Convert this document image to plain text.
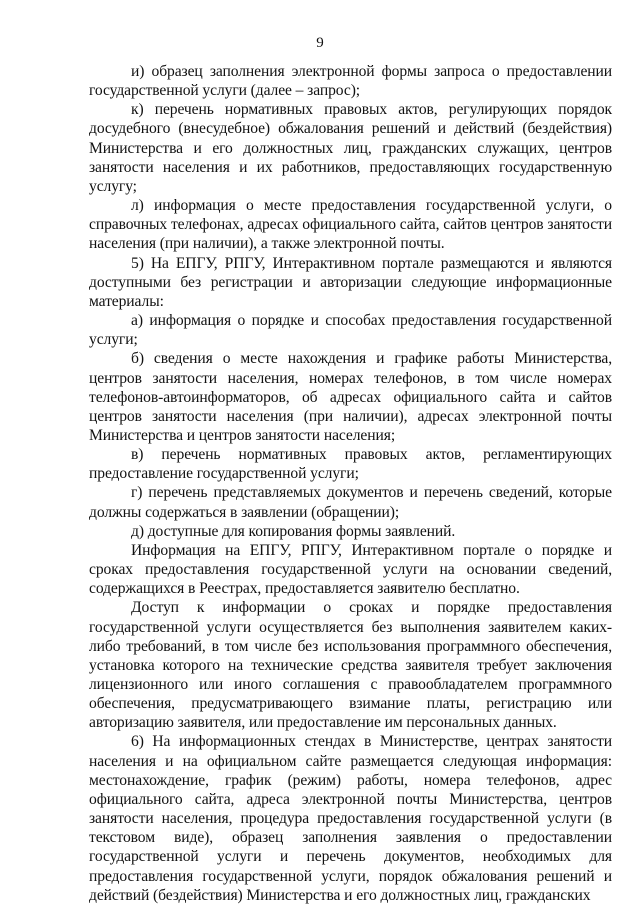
9

и) образец заполнения электронной формы запроса о предоставлении государственной услуги (далее – запрос);

к) перечень нормативных правовых актов, регулирующих порядок досудебного (внесудебное) обжалования решений и действий (бездействия) Министерства и его должностных лиц, гражданских служащих, центров занятости населения и их работников, предоставляющих государственную услугу;

л) информация о месте предоставления государственной услуги, о справочных телефонах, адресах официального сайта, сайтов центров занятости населения (при наличии), а также электронной почты.

5) На ЕПГУ, РПГУ, Интерактивном портале размещаются и являются доступными без регистрации и авторизации следующие информационные материалы:

а) информация о порядке и способах предоставления государственной услуги;

б) сведения о месте нахождения и графике работы Министерства, центров занятости населения, номерах телефонов, в том числе номерах телефонов-автоинформаторов, об адресах официального сайта и сайтов центров занятости населения (при наличии), адресах электронной почты Министерства и центров занятости населения;

в) перечень нормативных правовых актов, регламентирующих предоставление государственной услуги;

г) перечень представляемых документов и перечень сведений, которые должны содержаться в заявлении (обращении);

д) доступные для копирования формы заявлений.

Информация на ЕПГУ, РПГУ, Интерактивном портале о порядке и сроках предоставления государственной услуги на основании сведений, содержащихся в Реестрах, предоставляется заявителю бесплатно.

Доступ к информации о сроках и порядке предоставления государственной услуги осуществляется без выполнения заявителем каких-либо требований, в том числе без использования программного обеспечения, установка которого на технические средства заявителя требует заключения лицензионного или иного соглашения с правообладателем программного обеспечения, предусматривающего взимание платы, регистрацию или авторизацию заявителя, или предоставление им персональных данных.

6) На информационных стендах в Министерстве, центрах занятости населения и на официальном сайте размещается следующая информация: местонахождение, график (режим) работы, номера телефонов, адрес официального сайта, адреса электронной почты Министерства, центров занятости населения, процедура предоставления государственной услуги (в текстовом виде), образец заполнения заявления о предоставлении государственной услуги и перечень документов, необходимых для предоставления государственной услуги, порядок обжалования решений и действий (бездействия) Министерства и его должностных лиц, гражданских
